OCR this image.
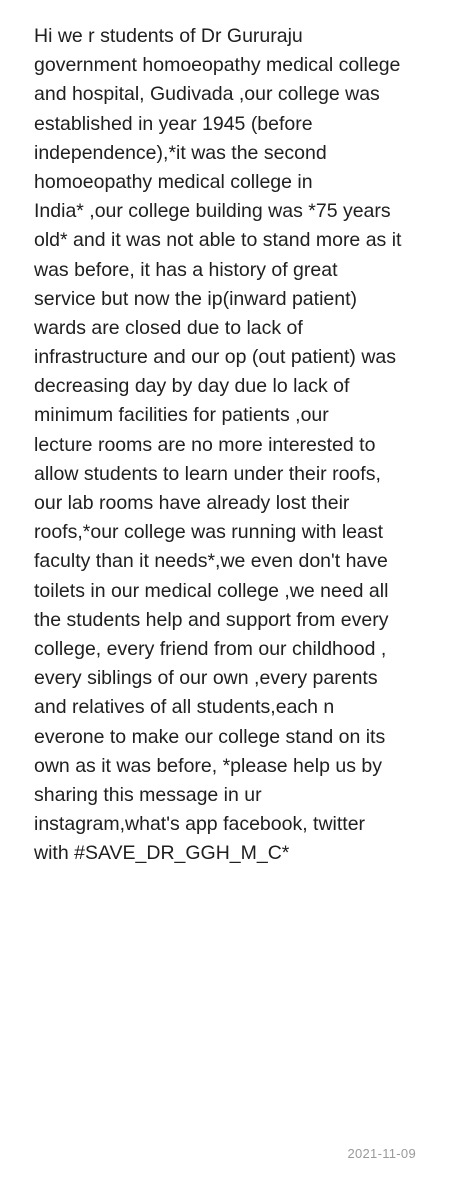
Hi we r students of Dr Gururaju
government homoeopathy medical college
and hospital, Gudivada ,our college was
established in year 1945 (before
independence),*it was the second
homoeopathy medical college in
India* ,our college building was *75 years
old* and it was not able to stand more as it
was before, it has a history of great
service but now the ip(inward patient)
wards are closed due to lack of
infrastructure and our op (out patient) was
decreasing day by day due lo lack of
minimum facilities for patients ,our
lecture rooms are no more interested to
allow students to learn under their roofs,
our lab rooms have already lost their
roofs,*our college was running with least
faculty than it needs*,we even don't have
toilets in our medical college ,we need all
the students help and support from every
college, every friend from our childhood ,
every siblings of our own ,every parents
and relatives of all students,each n
everone to make our college stand on its
own as it was before, *please help us by
sharing this message in ur
instagram,what's app facebook, twitter
with #SAVE_DR_GGH_M_C*
2021-11-09
